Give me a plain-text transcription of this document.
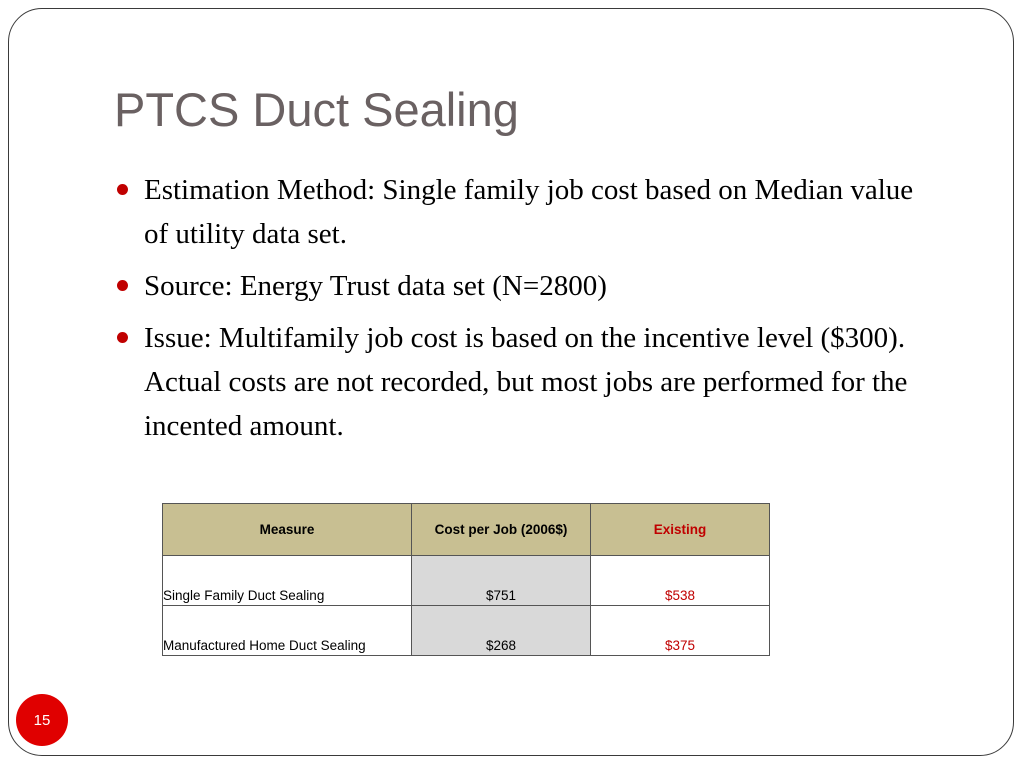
PTCS Duct Sealing
Estimation Method: Single family job cost based on Median value of utility data set.
Source: Energy Trust data set (N=2800)
Issue: Multifamily job cost is based on the incentive level ($300). Actual costs are not recorded, but most jobs are performed for the incented amount.
Measure	Cost per Job (2006$)	Existing
Single Family Duct Sealing	$751	$538
Manufactured Home Duct Sealing	$268	$375
15
